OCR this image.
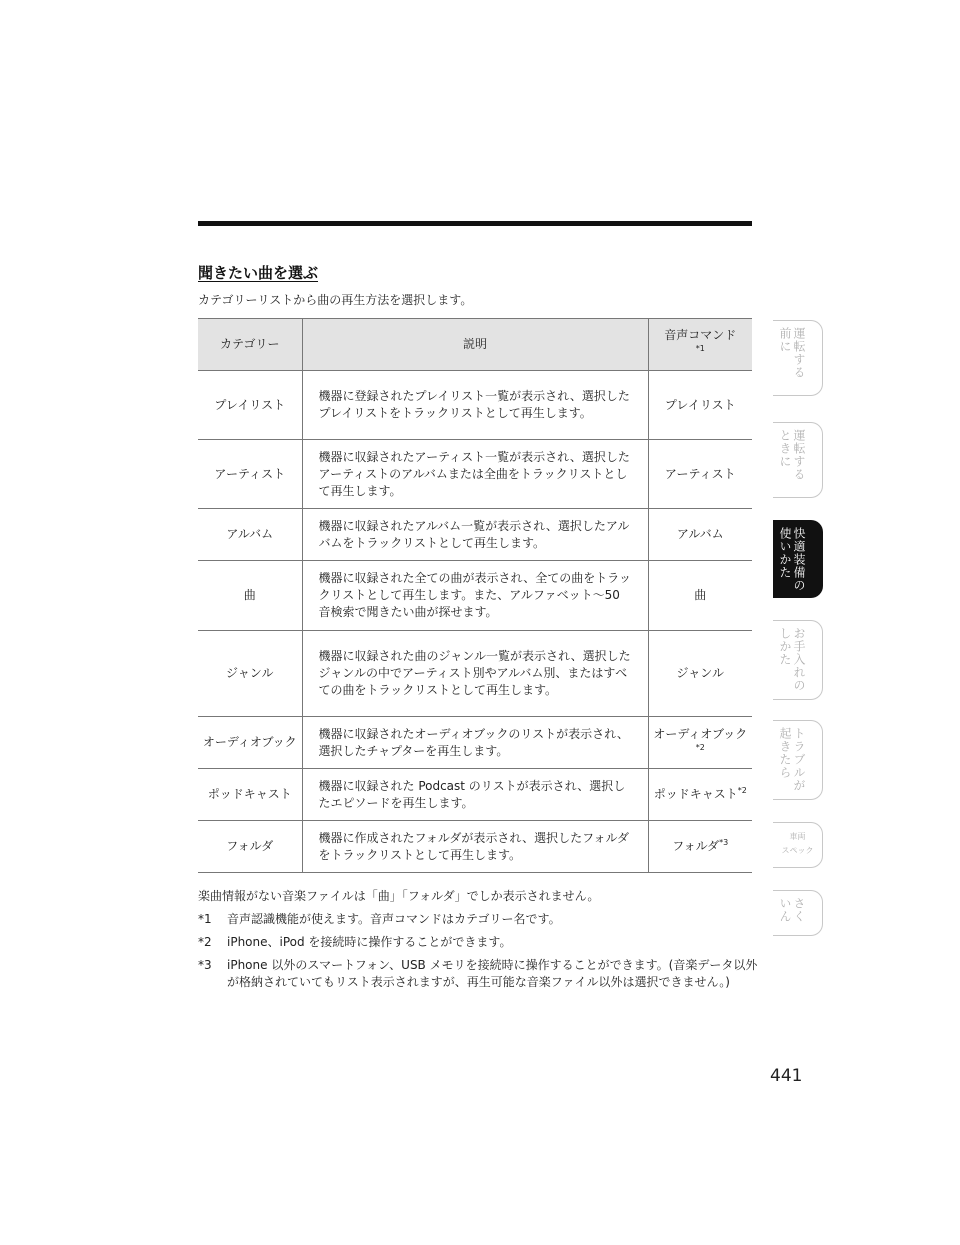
聞きたい曲を選ぶ
カテゴリーリストから曲の再生方法を選択します。
カテゴリー	説明	音声コマンド
$^{*1}$
プレイリスト	機器に登録されたプレイリスト一覧が表示され、選択したプレイリストをトラックリストとして再生します。	プレイリスト
アーティスト	機器に収録されたアーティスト一覧が表示され、選択したアーティストのアルバムまたは全曲をトラックリストとして再生します。	アーティスト
アルバム	機器に収録されたアルバム一覧が表示され、選択したアルバムをトラックリストとして再生します。	アルバム
曲	機器に収録された全ての曲が表示され、全ての曲をトラックリストとして再生します。また、アルファベット～50 音検索で聞きたい曲が探せます。	曲
ジャンル	機器に収録された曲のジャンル一覧が表示され、選択したジャンルの中でアーティスト別やアルバム別、またはすべての曲をトラックリストとして再生します。	ジャンル
オーディオブック	機器に収録されたオーディオブックのリストが表示され、選択したチャプターを再生します。	オーディオブック$^{*2}$
ポッドキャスト	機器に収録された Podcast のリストが表示され、選択したエピソードを再生します。	ポッドキャスト$^{*2}$
フォルダ	機器に作成されたフォルダが表示され、選択したフォルダをトラックリストとして再生します。	フォルダ$^{*3}$

楽曲情報がない音楽ファイルは「曲」「フォルダ」でしか表示されません。

*1	音声認識機能が使えます。音声コマンドはカテゴリー名です。
*2	iPhone、iPod を接続時に操作することができます。
*3	iPhone 以外のスマートフォン、USB メモリを接続時に操作することができます。(音楽データ以外が格納されていてもリスト表示されますが、再生可能な音楽ファイル以外は選択できません。)
441
運転する
前に
運転する
ときに
快適装備の
使いかた
お手入れの
しかた
トラブルが
起きたら
車両
スペック
さく
いん
